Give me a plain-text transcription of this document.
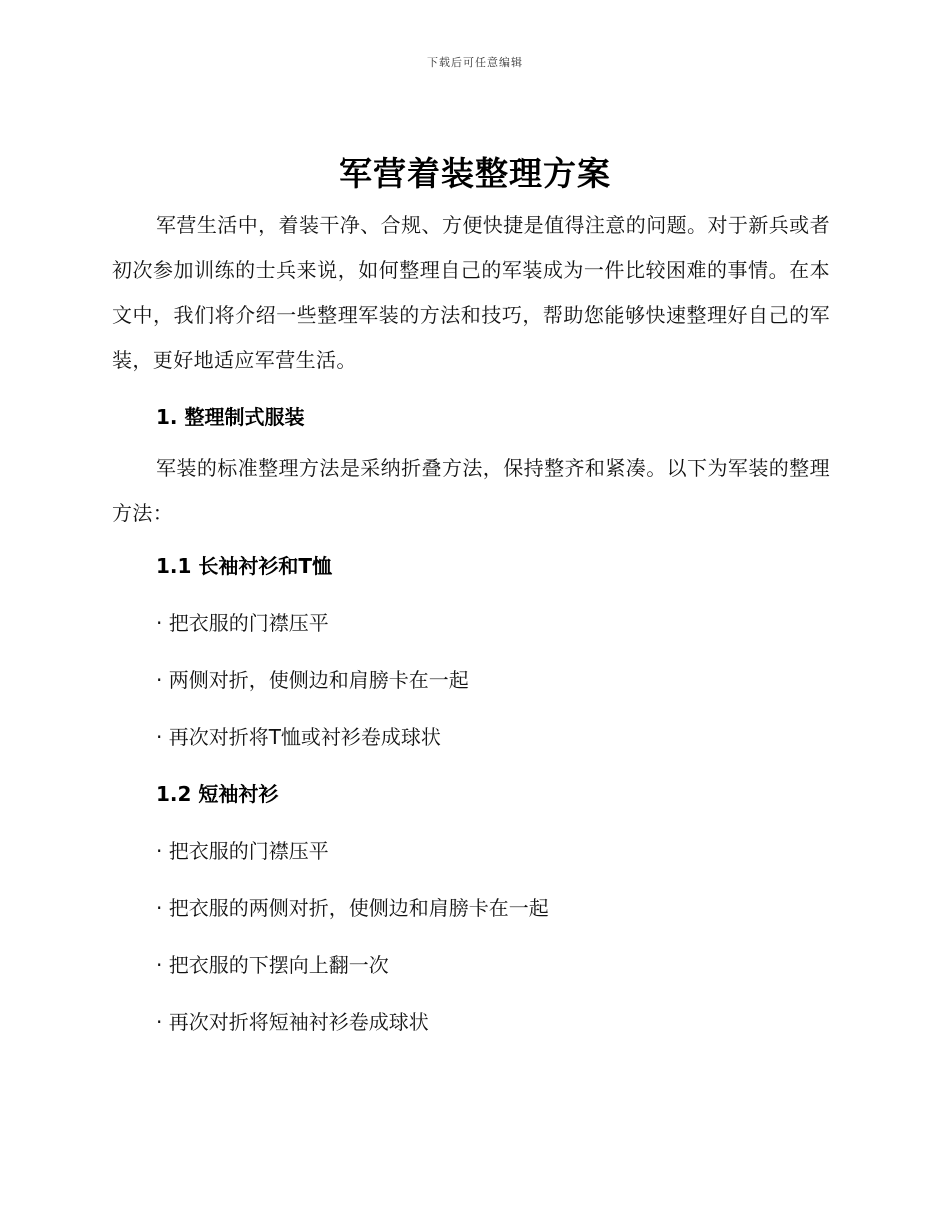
下载后可任意编辑
军营着装整理方案

军营生活中，着装干净、合规、方便快捷是值得注意的问题。对于新兵或者初次参加训练的士兵来说，如何整理自己的军装成为一件比较困难的事情。在本文中，我们将介绍一些整理军装的方法和技巧，帮助您能够快速整理好自己的军装，更好地适应军营生活。

1. 整理制式服装

军装的标准整理方法是采纳折叠方法，保持整齐和紧凑。以下为军装的整理方法：

1.1 长袖衬衫和T恤
· 把衣服的门襟压平
· 两侧对折，使侧边和肩膀卡在一起
· 再次对折将T恤或衬衫卷成球状
1.2 短袖衬衫
· 把衣服的门襟压平
· 把衣服的两侧对折，使侧边和肩膀卡在一起
· 把衣服的下摆向上翻一次
· 再次对折将短袖衬衫卷成球状
